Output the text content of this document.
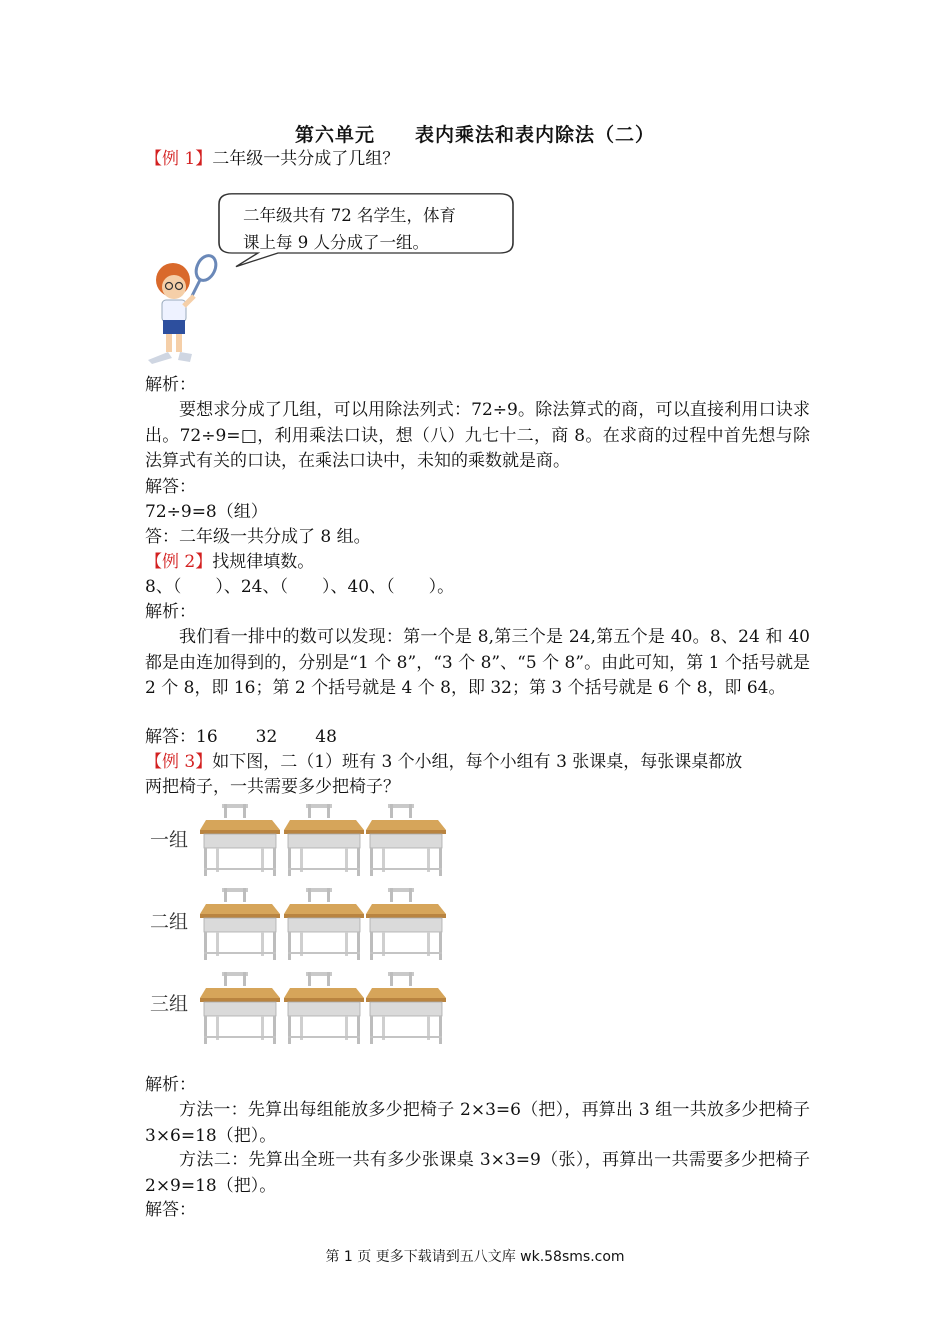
第六单元 表内乘法和表内除法（二）
【例 1】二年级一共分成了几组？
二年级共有 72 名学生，体育
课上每 9 人分成了一组。
解析：
要想求分成了几组，可以用除法列式：72÷9。除法算式的商，可以直接利用口诀求出。72÷9=□，利用乘法口诀，想（八）九七十二，商 8。在求商的过程中首先想与除法算式有关的口诀，在乘法口诀中，未知的乘数就是商。
解答：
72÷9=8（组）
答：二年级一共分成了 8 组。
【例 2】找规律填数。
8、（　　）、24、（　　）、40、（　　）。
解析：
我们看一排中的数可以发现：第一个是 8,第三个是 24,第五个是 40。8、24 和 40 都是由连加得到的，分别是“1 个 8”，“3 个 8”、“5 个 8”。由此可知，第 1 个括号就是 2 个 8，即 16；第 2 个括号就是 4 个 8，即 32；第 3 个括号就是 6 个 8，即 64。
解答：16 32 48
【例 3】如下图，二（1）班有 3 个小组，每个小组有 3 张课桌，每张课桌都放
两把椅子，一共需要多少把椅子？
一组
二组
三组
解析：
方法一：先算出每组能放多少把椅子 2×3=6（把），再算出 3 组一共放多少把椅子 3×6=18（把）。
方法二：先算出全班一共有多少张课桌 3×3=9（张），再算出一共需要多少把椅子 2×9=18（把）。
解答：
第 1 页 更多下载请到五八文库 wk.58sms.com
